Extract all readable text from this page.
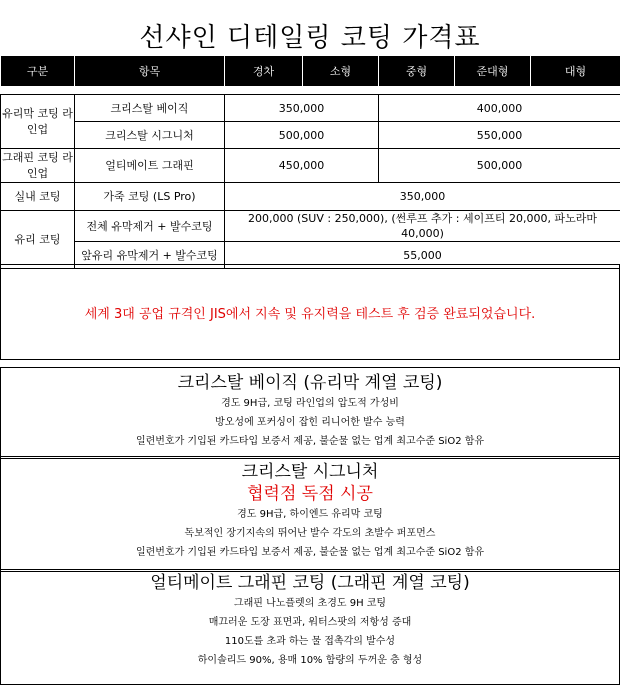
선샤인 디테일링 코팅 가격표
구분	항목	경차	소형	중형	준대형	대형

유리막 코팅 라인업	크리스탈 베이직	350,000		400,000		
	크리스탈 시그니처	500,000		550,000		
그래핀 코팅 라인업	얼티메이트 그래핀	450,000		500,000		
실내 코팅	가죽 코팅 (LS Pro)	350,000				
유리 코팅	전체 유막제거 + 발수코팅	200,000 (SUV : 250,000), (썬루프 추가 : 세이프티 20,000, 파노라마 40,000)				
	앞유리 유막제거 + 발수코팅	55,000				
세계 3대 공업 규격인 JIS에서 지속 및 유지력을 테스트 후 검증 완료되었습니다.
크리스탈 베이직 (유리막 계열 코팅)
경도 9H급, 코팅 라인업의 압도적 가성비
방오성에 포커싱이 잡힌 리니어한 발수 능력
일련번호가 기입된 카드타입 보증서 제공, 불순물 없는 업계 최고수준 SiO2 함유
크리스탈 시그니처
협력점 독점 시공
경도 9H급, 하이엔드 유리막 코팅
독보적인 장기지속의 뛰어난 발수 각도의 초발수 퍼포먼스
일련번호가 기입된 카드타입 보증서 제공, 불순물 없는 업계 최고수준 SiO2 함유
얼티메이트 그래핀 코팅 (그래핀 계열 코팅)
그래핀 나노플렛의 초경도 9H 코팅
매끄러운 도장 표면과, 워터스팟의 저항성 증대
110도를 초과 하는 물 접촉각의 발수성
하이솔리드 90%, 용매 10% 함량의 두꺼운 층 형성
